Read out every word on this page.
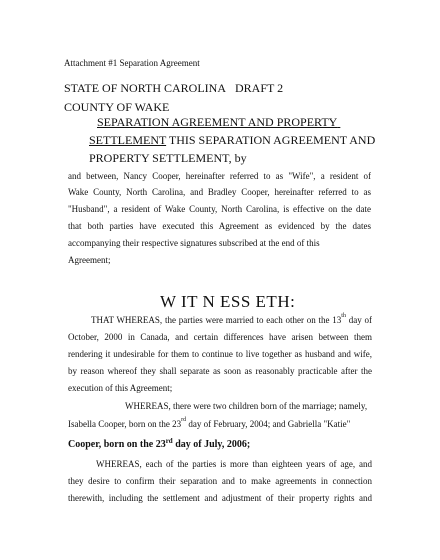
Attachment #1 Separation Agreement

STATE OF NORTH CAROLINA DRAFT 2

COUNTY OF WAKE

SEPARATION AGREEMENT AND PROPERTY

SETTLEMENT THIS SEPARATION AGREEMENT AND

PROPERTY SETTLEMENT, by

and between, Nancy Cooper, hereinafter referred to as "Wife", a resident of

Wake County, North Carolina, and Bradley Cooper, hereinafter referred to as

"Husband", a resident of Wake County, North Carolina, is effective on the date

that both parties have executed this Agreement as evidenced by the dates

accompanying their respective signatures subscribed at the end of this

Agreement;

W IT N ESS ETH:

THAT WHEREAS, the parties were married to each other on the 13th day of

October, 2000 in Canada, and certain differences have arisen between them

rendering it undesirable for them to continue to live together as husband and wife,

by reason whereof they shall separate as soon as reasonably practicable after the

execution of this Agreement;

WHEREAS, there were two children born of the marriage; namely,

Isabella Cooper, born on the 23rd day of February, 2004; and Gabriella "Katie"

Cooper, born on the 23rd day of July, 2006;

WHEREAS, each of the parties is more than eighteen years of age, and

they desire to confirm their separation and to make agreements in connection

therewith, including the settlement and adjustment of their property rights and
